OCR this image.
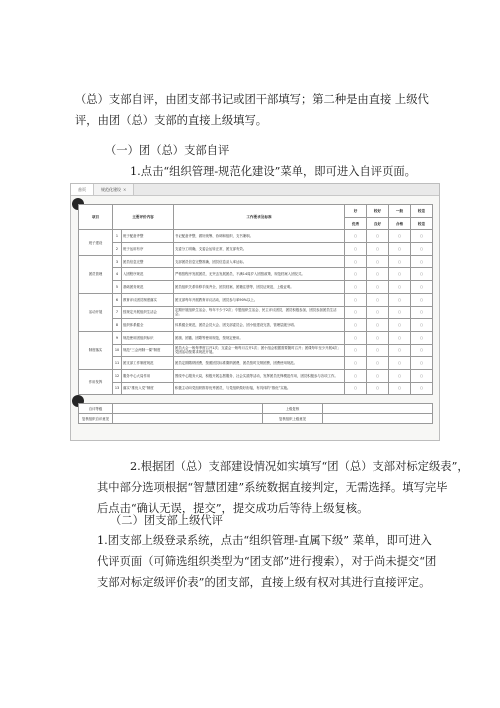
（总）支部自评，由团支部书记或团干部填写；第二种是由直接 上级代

评，由团（总）支部的直接上级填写。

（一）团（总）支部自评

1.点击“组织管理-规范化建设”菜单，即可进入自评页面。

首页	规范化建设 ×
项目	主要评价内容		工作要求及标准	好	较好	一般	较差
				优秀	良好	合格	较差
班子建设	1	班子配备齐整	书记配备齐整，做好统筹、协调和组织、支书兼职。	○	○	○	○
	2	班子运用有序	支委分工明确，支委会运转正常，团支部有效。	○	○	○	○
团员管理	3	团员信息完整	支部团员信息完整准确，团员信息录入率达标。	○	○	○	○
	4	入团程序规范	严格按程序发展团员，无突击发展团员，不满14周岁入团按政策，规范档案入团仪式。	○	○	○	○
	5	基础团务规范	团员组织关系转移手续齐全，团员档案、团籍注册等，团员证规范，上级证明。	○	○	○	○
活动开展	6	教育评议团员制度落实	团支部每年开展教育评议活动，团员参与率90%以上。	○	○	○	○
	7	按规定开展组织生活会	定期开展组织生活会、每年不少于2次；专题组织生活会、民主评议团员，团员积极参加，团员参加团员生活会。	○	○	○	○
	8	组织体系健全	体系健全规范，团员会员大会、团支部委员会、团小组建设完善，管理层级分明。	○	○	○	○
制度落实	9	规范使用团组织标识	团旗、团徽、团歌等使用规范，按规定使用。	○	○	○	○
	10	规范“三会两制一课”制度	团员大会一般每季度召开1次；支委会一般每月召开1次；团小组会根据需要随时召开；团课每年至少开展4次；党团活动按要求规范开展。	○	○	○	○
	11	团支部工作制度规范	团员定期缴纳团费，按照团员标准缴纳团费，团员按时交纳团费，团费使用规范。	○	○	○	○
作用发挥	12	服务中心大局作用	围绕中心服务大局，积极开展志愿服务、社会实践等活动，发挥团员先锋模范作用，团员积极参与各项工作。	○	○	○	○
	13	落实“推优入党”制度	积极主动向党组织推荐优秀团员，与党组织做好衔接，有具体的“推优”实施。	○	○	○	○
自评等级		上级复核	
复核组织自评意见		复核组织上级意见	

2.根据团（总）支部建设情况如实填写“团（总）支部对标定级表”，

其中部分选项根据“智慧团建”系统数据直接判定，无需选择。填写完毕

后点击“确认无误，提交”，提交成功后等待上级复核。

（二）团支部上级代评

1.团支部上级登录系统，点击“组织管理-直属下级” 菜单，即可进入

代评页面（可筛选组织类型为“团支部”进行搜索），对于尚未提交“团

支部对标定级评价表”的团支部，直接上级有权对其进行直接评定。
